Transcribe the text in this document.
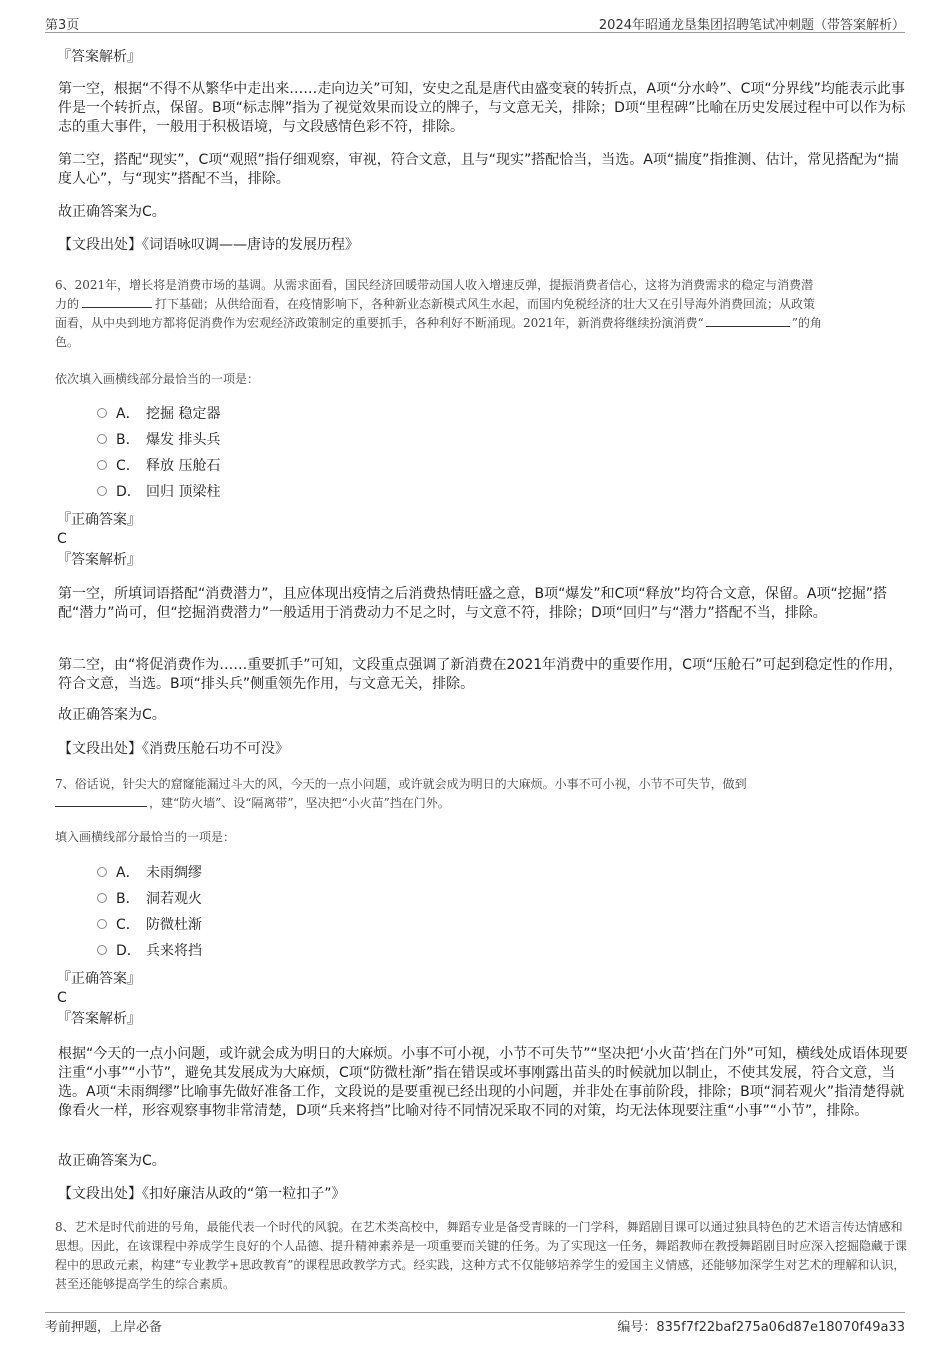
第3页	2024年昭通龙垦集团招聘笔试冲刺题（带答案解析）
『答案解析』
第一空，根据“不得不从繁华中走出来……走向边关”可知，安史之乱是唐代由盛变衰的转折点，A项“分水岭”、C项“分界线”均能表示此事件是一个转折点，保留。B项“标志牌”指为了视觉效果而设立的牌子，与文意无关，排除；D项“里程碑”比喻在历史发展过程中可以作为标志的重大事件，一般用于积极语境，与文段感情色彩不符，排除。
第二空，搭配“现实”，C项“观照”指仔细观察，审视，符合文意，且与“现实”搭配恰当，当选。A项“揣度”指推测、估计，常见搭配为“揣度人心”，与“现实”搭配不当，排除。
故正确答案为C。
【文段出处】《词语咏叹调——唐诗的发展历程》
6、2021年，增长将是消费市场的基调。从需求面看，国民经济回暖带动国人收入增速反弹，提振消费者信心，这将为消费需求的稳定与消费潜
力的	打下基础；从供给面看，在疫情影响下，各种新业态新模式风生水起，而国内免税经济的壮大又在引导海外消费回流；从政策
面看，从中央到地方都将促消费作为宏观经济政策制定的重要抓手，各种利好不断涌现。2021年，新消费将继续扮演消费“	”的角
色。
依次填入画横线部分最恰当的一项是：
A． 挖掘 稳定器
B． 爆发 排头兵
C． 释放 压舱石
D． 回归 顶梁柱
『正确答案』
C
『答案解析』
第一空，所填词语搭配“消费潜力”，且应体现出疫情之后消费热情旺盛之意，B项“爆发”和C项“释放”均符合文意，保留。A项“挖掘”搭配“潜力”尚可，但“挖掘消费潜力”一般适用于消费动力不足之时，与文意不符，排除；D项“回归”与“潜力”搭配不当，排除。
第二空，由“将促消费作为……重要抓手”可知，文段重点强调了新消费在2021年消费中的重要作用，C项“压舱石”可起到稳定性的作用，符合文意，当选。B项“排头兵”侧重领先作用，与文意无关，排除。
故正确答案为C。
【文段出处】《消费压舱石功不可没》
7、俗话说，针尖大的窟窿能漏过斗大的风，今天的一点小问题，或许就会成为明日的大麻烦。小事不可小视，小节不可失节，做到
，建“防火墙”、设“隔离带”，坚决把“小火苗”挡在门外。
填入画横线部分最恰当的一项是：
A． 未雨绸缪
B． 洞若观火
C． 防微杜渐
D． 兵来将挡
『正确答案』
C
『答案解析』
根据“今天的一点小问题，或许就会成为明日的大麻烦。小事不可小视，小节不可失节”“坚决把‘小火苗’挡在门外”可知，横线处成语体现要注重“小事”“小节”，避免其发展成为大麻烦，C项“防微杜渐”指在错误或坏事刚露出苗头的时候就加以制止，不使其发展，符合文意，当选。A项“未雨绸缪”比喻事先做好准备工作，文段说的是要重视已经出现的小问题，并非处在事前阶段，排除；B项“洞若观火”指清楚得就像看火一样，形容观察事物非常清楚，D项“兵来将挡”比喻对待不同情况采取不同的对策，均无法体现要注重“小事”“小节”，排除。
故正确答案为C。
【文段出处】《扣好廉洁从政的“第一粒扣子”》
8、艺术是时代前进的号角，最能代表一个时代的风貌。在艺术类高校中，舞蹈专业是备受青睐的一门学科，舞蹈剧目课可以通过独具特色的艺术语言传达情感和思想。因此，在该课程中养成学生良好的个人品德、提升精神素养是一项重要而关键的任务。为了实现这一任务，舞蹈教师在教授舞蹈剧目时应深入挖掘隐藏于课程中的思政元素，构建“专业教学+思政教育”的课程思政教学方式。经实践，这种方式不仅能够培养学生的爱国主义情感，还能够加深学生对艺术的理解和认识，甚至还能够提高学生的综合素质。
考前押题，上岸必备	编号：835f7f22baf275a06d87e18070f49a33
